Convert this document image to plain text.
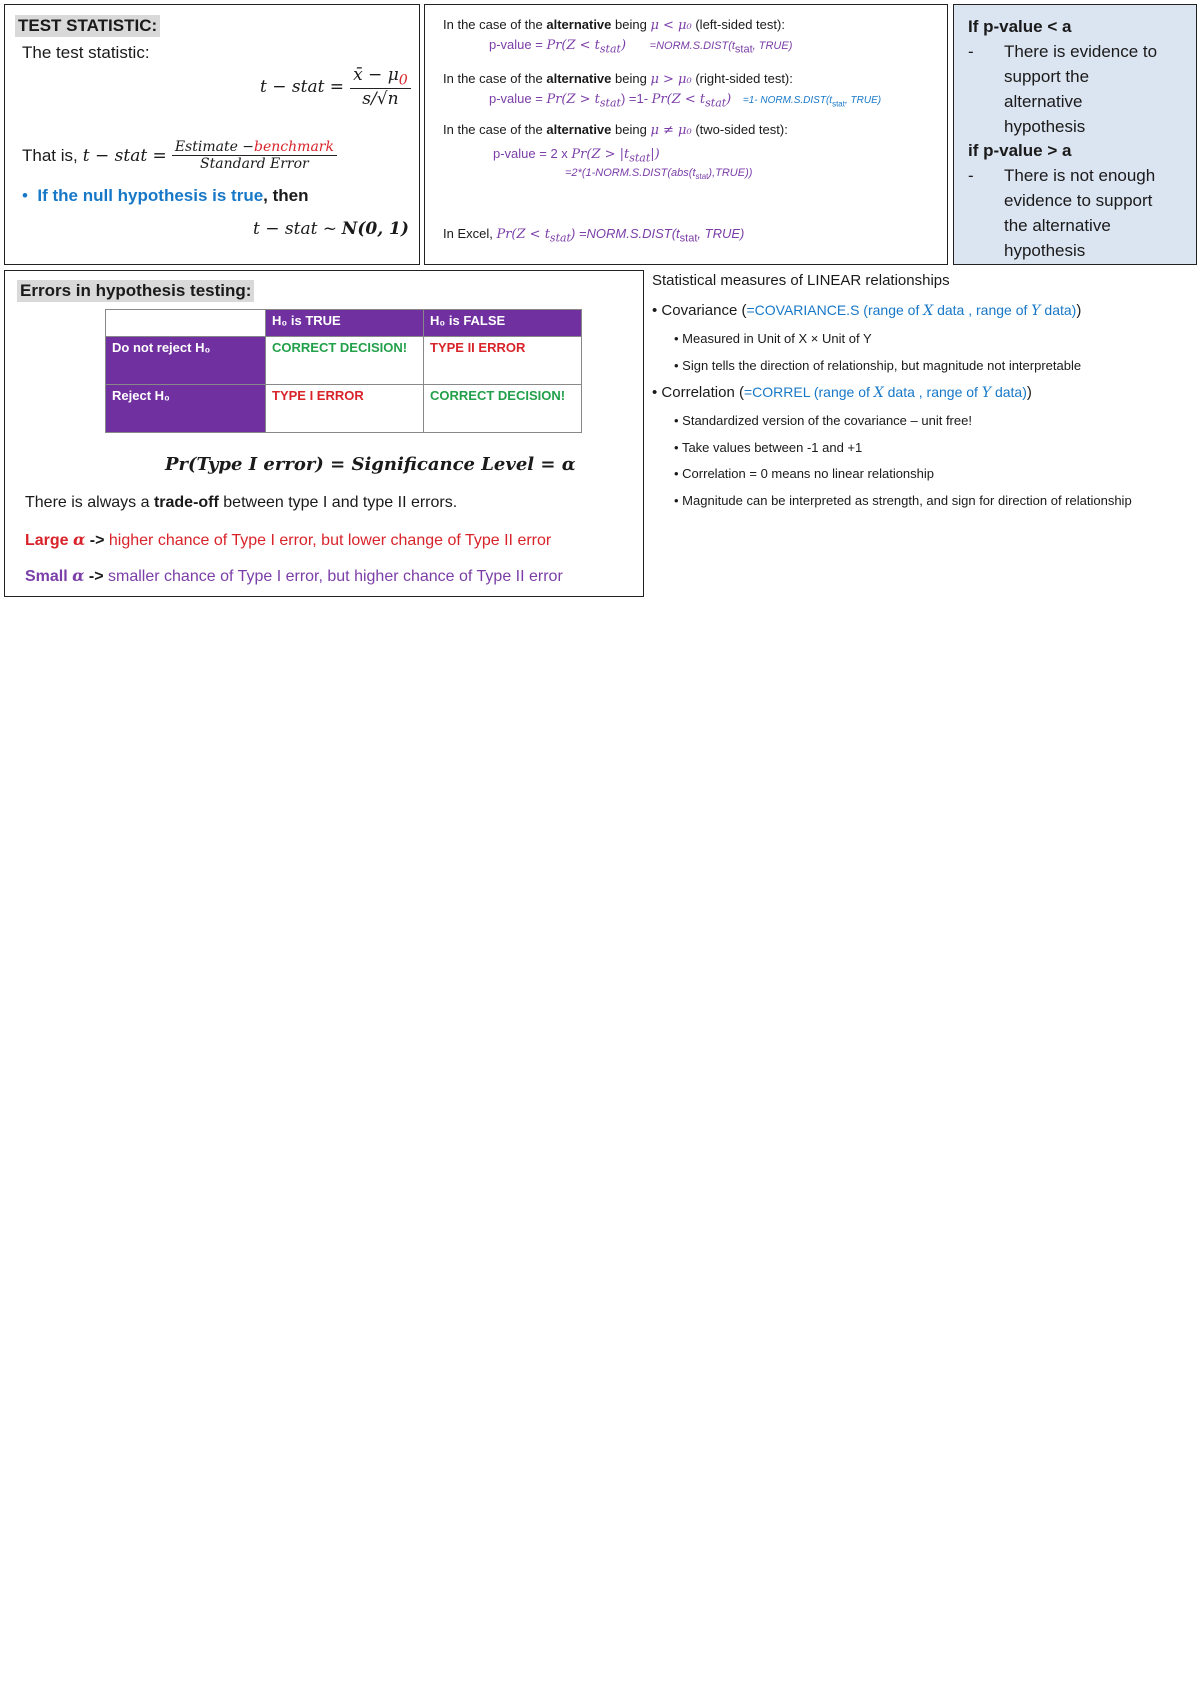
TEST STATISTIC:
The test statistic:
t − stat = $\frac{x̄ - \mu_0}{s/√n}$
That is, t − stat = $\frac{\text{Estimate −benchmark}}{\text{Standard Error}}$
•  If the null hypothesis is true, then
t − stat ~ N(0, 1)
In the case of the alternative being μ < μ₀ (left-sided test):
p-value = $Pr(Z < t_{stat})$ $=NORM.S.DIST(t_{stat}$, TRUE)
In the case of the alternative being μ > μ₀ (right-sided test):
p-value = $Pr(Z > t_{stat}) =1-$ $Pr(Z < t_{stat}) =1-$ $NORM.S.DIST(t_{stat}$, TRUE)
In the case of the alternative being μ ≠ μ₀ (two-sided test):
p-value = 2 x $Pr(Z > |t_{stat}|)$
$=2*(1-NORM.S.DIST(abs(t_{stat}),TRUE))$
In Excel, $Pr(Z < t_{stat})$ $=NORM.S.DIST(t_{stat}$, TRUE)
If p-value < a
- There is evidence to
support the
alternative
hypothesis
if p-value > a
- There is not enough
evidence to support
the alternative
hypothesis
Errors in hypothesis testing:
	H₀ is TRUE	H₀ is FALSE
Do not reject H₀	CORRECT DECISION!	TYPE II ERROR
Reject H₀	TYPE I ERROR	CORRECT DECISION!
Pr(Type I error) = Significance Level = α
There is always a trade-off between type I and type II errors.
Large α -> higher chance of Type I error, but lower change of Type II error
Small α -> smaller chance of Type I error, but higher chance of Type II error
Statistical measures of LINEAR relationships
• Covariance (=COVARIANCE.S (range of X data , range of Y data))
• Measured in Unit of X × Unit of Y
• Sign tells the direction of relationship, but magnitude not interpretable
• Correlation (=CORREL (range of X data , range of Y data))
• Standardized version of the covariance – unit free!
• Take values between -1 and +1
• Correlation = 0 means no linear relationship
• Magnitude can be interpreted as strength, and sign for direction of relationship
